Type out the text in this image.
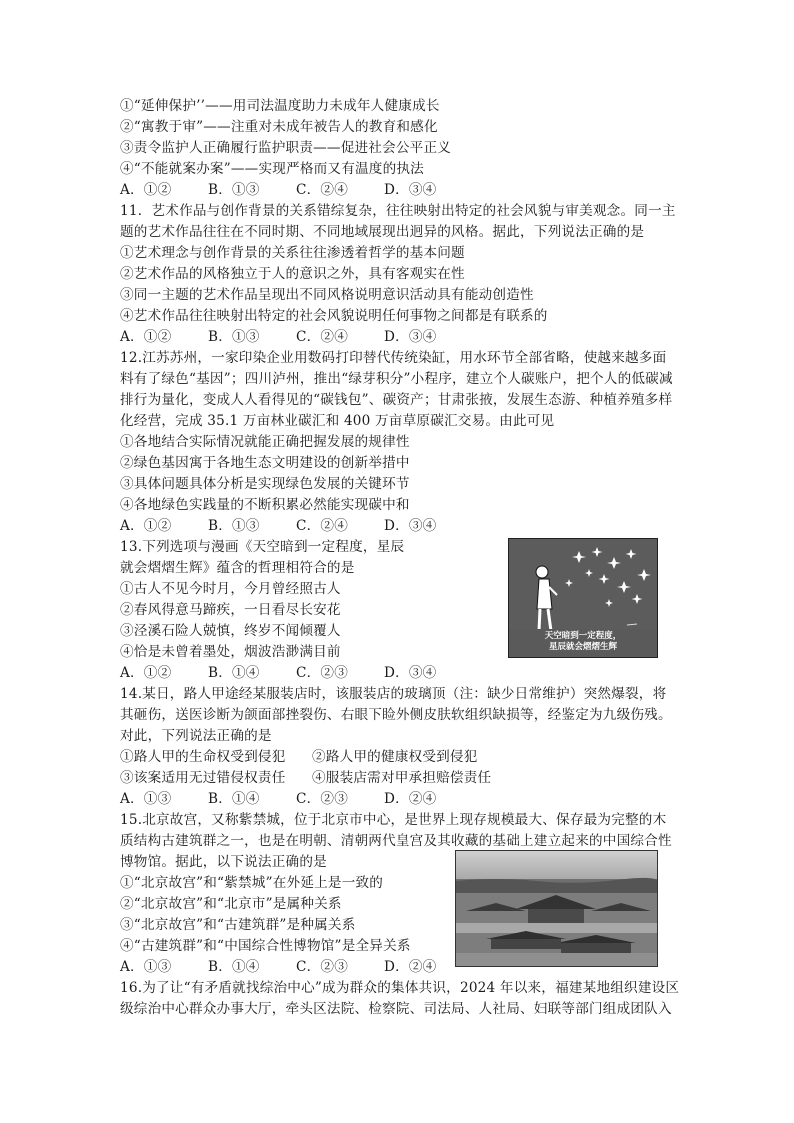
①“延伸保护’’——用司法温度助力未成年人健康成长
②“寓教于审”——注重对未成年被告人的教育和感化
③责令监护人正确履行监护职责——促进社会公平正义
④“不能就案办案”——实现严格而又有温度的执法
A．①②	B．①③	C．②④	D．③④
11．艺术作品与创作背景的关系错综复杂，往往映射出特定的社会风貌与审美观念。同一主
题的艺术作品往往在不同时期、不同地域展现出迥异的风格。据此，下列说法正确的是
①艺术理念与创作背景的关系往往渗透着哲学的基本问题
②艺术作品的风格独立于人的意识之外，具有客观实在性
③同一主题的艺术作品呈现出不同风格说明意识活动具有能动创造性
④艺术作品往往映射出特定的社会风貌说明任何事物之间都是有联系的
A．①②	B．①③	C．②④	D．③④
12.江苏苏州，一家印染企业用数码打印替代传统染缸，用水环节全部省略，使越来越多面
料有了绿色“基因”；四川泸州，推出“绿芽积分”小程序，建立个人碳账户，把个人的低碳减
排行为量化，变成人人看得见的“碳钱包”、碳资产；甘肃张掖，发展生态游、种植养殖多样
化经营，完成 35.1 万亩林业碳汇和 400 万亩草原碳汇交易。由此可见
①各地结合实际情况就能正确把握发展的规律性
②绿色基因寓于各地生态文明建设的创新举措中
③具体问题具体分析是实现绿色发展的关键环节
④各地绿色实践量的不断积累必然能实现碳中和
A．①②	B．①③	C．②④	D．③④
13.下列选项与漫画《天空暗到一定程度，星辰
就会熠熠生辉》蕴含的哲理相符合的是
①古人不见今时月，今月曾经照古人
②春风得意马蹄疾，一日看尽长安花
③泾溪石险人兢慎，终岁不闻倾覆人
④恰是未曾着墨处，烟波浩渺满目前
A．①②	B．①④	C．②③	D．③④
天空暗到一定程度，
星辰就会熠熠生辉
14.某日，路人甲途经某服装店时，该服装店的玻璃顶（注：缺少日常维护）突然爆裂，将
其砸伤，送医诊断为颌面部挫裂伤、右眼下睑外侧皮肤软组织缺损等，经鉴定为九级伤残。
对此，下列说法正确的是
①路人甲的生命权受到侵犯 ②路人甲的健康权受到侵犯
③该案适用无过错侵权责任 ④服装店需对甲承担赔偿责任
A．①③	B．①④	C．②③	D．②④
15.北京故宫，又称紫禁城，位于北京市中心，是世界上现存规模最大、保存最为完整的木
质结构古建筑群之一，也是在明朝、清朝两代皇宫及其收藏的基础上建立起来的中国综合性
博物馆。据此，以下说法正确的是
①“北京故宫”和“紫禁城”在外延上是一致的
②“北京故宫”和“北京市”是属种关系
③“北京故宫”和“古建筑群”是种属关系
④“古建筑群”和“中国综合性博物馆”是全异关系
A．①③	B．①④	C．②③	D．②④
16.为了让“有矛盾就找综治中心”成为群众的集体共识，2024 年以来，福建某地组织建设区
级综治中心群众办事大厅，牵头区法院、检察院、司法局、人社局、妇联等部门组成团队入
